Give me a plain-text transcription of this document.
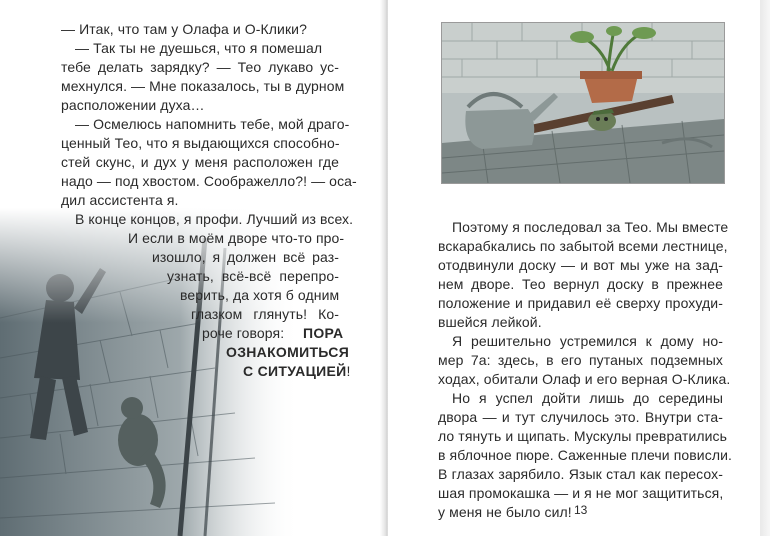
— Итак, что там у Олафа и О-Клики?
— Так ты не дуешься, что я помешал
тебе делать зарядку? — Тео лукаво ус-
мехнулся. — Мне показалось, ты в дурном
расположении духа…
— Осмелюсь напомнить тебе, мой драго-
ценный Тео, что я выдающихся способно-
стей скунс, и дух у меня расположен где
надо — под хвостом. Соображелло?! — оса-
дил ассистента я.
В конце концов, я профи. Лучший из всех.
И если в моём дворе что-то про-
изошло, я должен всё раз-
узнать, всё-всё перепро-
верить, да хотя б одним
глазком глянуть! Ко-
роче говоря: ПОРА
ОЗНАКОМИТЬСЯ
С СИТУАЦИЕЙ!
Поэтому я последовал за Тео. Мы вместе
вскарабкались по забытой всеми лестнице,
отодвинули доску — и вот мы уже на зад-
нем дворе. Тео вернул доску в прежнее
положение и придавил её сверху прохуди-
вшейся лейкой.
Я решительно устремился к дому но-
мер 7а: здесь, в его путаных подземных
ходах, обитали Олаф и его верная О-Клика.
Но я успел дойти лишь до середины
двора — и тут случилось это. Внутри ста-
ло тянуть и щипать. Мускулы превратились
в яблочное пюре. Саженные плечи повисли.
В глазах зарябило. Язык стал как пересох-
шая промокашка — и я не мог защититься,
у меня не было сил! 13
